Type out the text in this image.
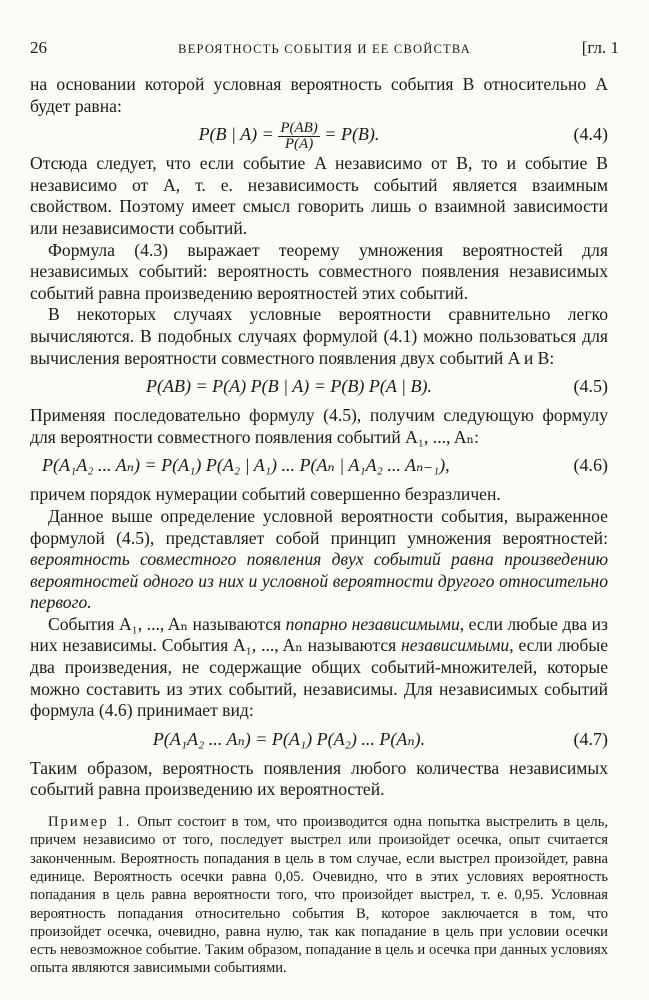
26	ВЕРОЯТНОСТЬ СОБЫТИЯ И ЕЕ СВОЙСТВА	[гл. 1

на основании которой условная вероятность события B относительно A будет равна:

P(B | $A) = \frac{P(AB)}{P(A)} = P(B)$.	(4.4)

Отсюда следует, что если событие A независимо от B, то и событие B независимо от A, т. е. независимость событий является взаимным свойством. Поэтому имеет смысл говорить лишь о взаимной зависимости или независимости событий.

Формула (4.3) выражает теорему умножения вероятностей для независимых событий: вероятность совместного появления независимых событий равна произведению вероятностей этих событий.

В некоторых случаях условные вероятности сравнительно легко вычисляются. В подобных случаях формулой (4.1) можно пользоваться для вычисления вероятности совместного появления двух событий A и B:

P(AB) = P(A) P(B | A) = P(B) P(A | B).	(4.5)

Применяя последовательно формулу (4.5), получим следующую формулу для вероятности совместного появления событий A₁, ..., Aₙ:

P(A₁A₂ ... Aₙ) = P(A₁) P(A₂ | A₁) ... P(Aₙ | A₁A₂ ... Aₙ₋₁),	(4.6)

причем порядок нумерации событий совершенно безразличен.

Данное выше определение условной вероятности события, выраженное формулой (4.5), представляет собой принцип умножения вероятностей: вероятность совместного появления двух событий равна произведению вероятностей одного из них и условной вероятности другого относительно первого.

События A₁, ..., Aₙ называются попарно независимыми, если любые два из них независимы. События A₁, ..., Aₙ называются независимыми, если любые два произведения, не содержащие общих событий-множителей, которые можно составить из этих событий, независимы. Для независимых событий формула (4.6) принимает вид:

P(A₁A₂ ... Aₙ) = P(A₁) P(A₂) ... P(Aₙ).	(4.7)

Таким образом, вероятность появления любого количества независимых событий равна произведению их вероятностей.

Пример 1. Опыт состоит в том, что производится одна попытка выстрелить в цель, причем независимо от того, последует выстрел или произойдет осечка, опыт считается законченным. Вероятность попадания в цель в том случае, если выстрел произойдет, равна единице. Вероятность осечки равна 0,05. Очевидно, что в этих условиях вероятность попадания в цель равна вероятности того, что произойдет выстрел, т. е. 0,95. Условная вероятность попадания относительно события B, которое заключается в том, что произойдет осечка, очевидно, равна нулю, так как попадание в цель при условии осечки есть невозможное событие. Таким образом, попадание в цель и осечка при данных условиях опыта являются зависимыми событиями.
